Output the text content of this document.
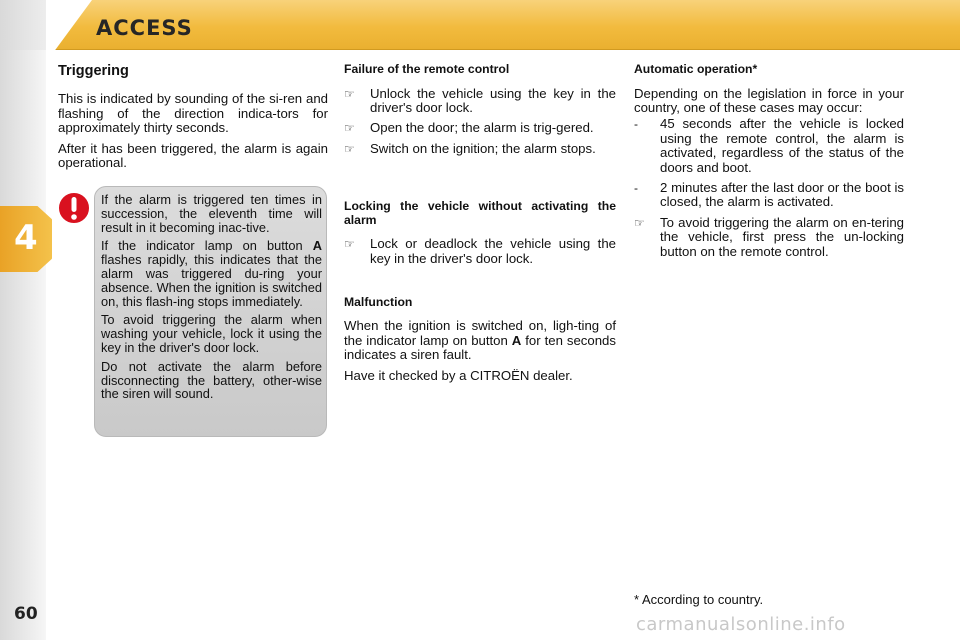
ACCESS
4
60
Triggering

This is indicated by sounding of the si-ren and flashing of the direction indica-tors for approximately thirty seconds.

After it has been triggered, the alarm is again operational.

If the alarm is triggered ten times in succession, the eleventh time will result in it becoming inac-tive.

If the indicator lamp on button A flashes rapidly, this indicates that the alarm was triggered du-ring your absence. When the ignition is switched on, this flash-ing stops immediately.

To avoid triggering the alarm when washing your vehicle, lock it using the key in the driver's door lock.

Do not activate the alarm before disconnecting the battery, other-wise the siren will sound.

Failure of the remote control
☞	Unlock the vehicle using the key in the driver's door lock.
☞	Open the door; the alarm is trig-gered.
☞	Switch on the ignition; the alarm stops.
Locking the vehicle without activating the alarm
☞	Lock or deadlock the vehicle using the key in the driver's door lock.
Malfunction

When the ignition is switched on, ligh-ting of the indicator lamp on button A for ten seconds indicates a siren fault.

Have it checked by a CITROËN dealer.

Automatic operation*

Depending on the legislation in force in your country, one of these cases may occur:

-	45 seconds after the vehicle is locked using the remote control, the alarm is activated, regardless of the status of the doors and boot.
-	2 minutes after the last door or the boot is closed, the alarm is activated.
☞	To avoid triggering the alarm on en-tering the vehicle, first press the un-locking button on the remote control.
* According to country.
carmanualsonline.info
